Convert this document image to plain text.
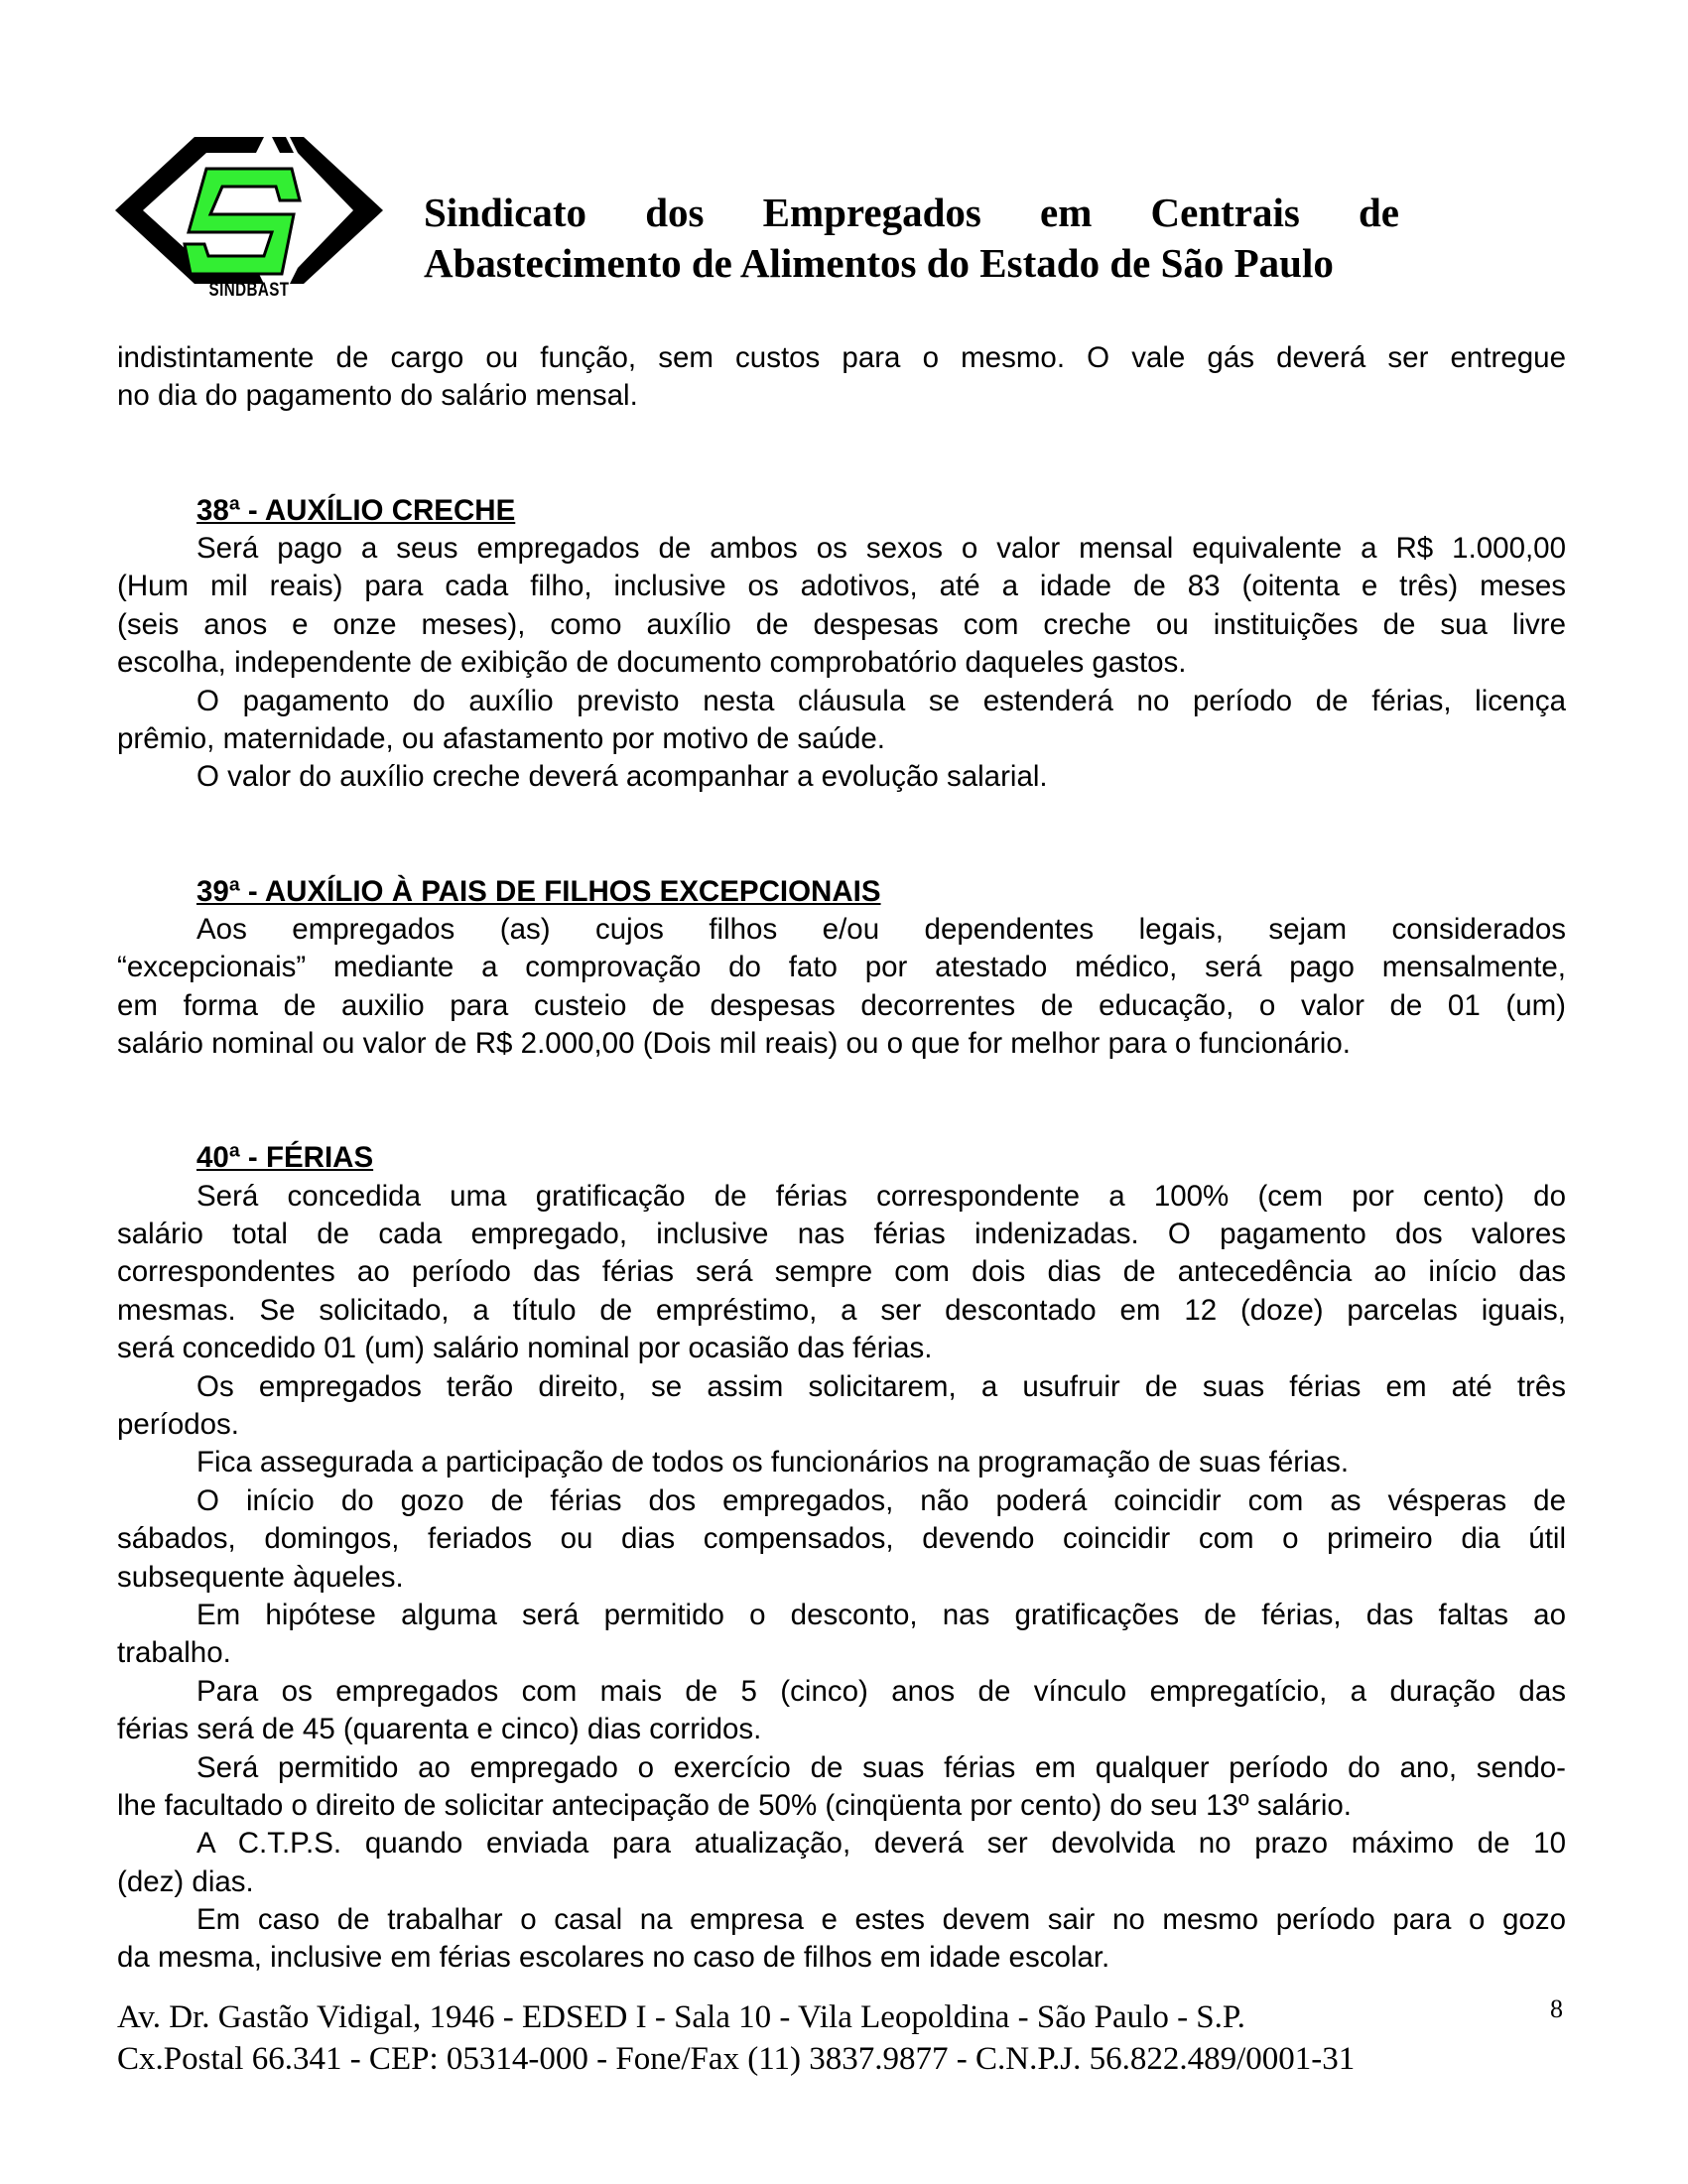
SINDBAST
Sindicato dos Empregados em Centrais de
Abastecimento de Alimentos do Estado de São Paulo
indistintamente de cargo ou função, sem custos para o mesmo. O vale gás deverá ser entregue
no dia do pagamento do salário mensal.
38ª - AUXÍLIO CRECHE
Será pago a seus empregados de ambos os sexos o valor mensal equivalente a R$ 1.000,00
(Hum mil reais) para cada filho, inclusive os adotivos, até a idade de 83 (oitenta e três) meses
(seis anos e onze meses), como auxílio de despesas com creche ou instituições de sua livre
escolha, independente de exibição de documento comprobatório daqueles gastos.
O pagamento do auxílio previsto nesta cláusula se estenderá no período de férias, licença
prêmio, maternidade, ou afastamento por motivo de saúde.
O valor do auxílio creche deverá acompanhar a evolução salarial.
39ª - AUXÍLIO À PAIS DE FILHOS EXCEPCIONAIS
Aos empregados (as) cujos filhos e/ou dependentes legais, sejam considerados
“excepcionais” mediante a comprovação do fato por atestado médico, será pago mensalmente,
em forma de auxilio para custeio de despesas decorrentes de educação, o valor de 01 (um)
salário nominal ou valor de R$ 2.000,00 (Dois mil reais) ou o que for melhor para o funcionário.
40ª - FÉRIAS
Será concedida uma gratificação de férias correspondente a 100% (cem por cento) do
salário total de cada empregado, inclusive nas férias indenizadas. O pagamento dos valores
correspondentes ao período das férias será sempre com dois dias de antecedência ao início das
mesmas. Se solicitado, a título de empréstimo, a ser descontado em 12 (doze) parcelas iguais,
será concedido 01 (um) salário nominal por ocasião das férias.
Os empregados terão direito, se assim solicitarem, a usufruir de suas férias em até três
períodos.
Fica assegurada a participação de todos os funcionários na programação de suas férias.
O início do gozo de férias dos empregados, não poderá coincidir com as vésperas de
sábados, domingos, feriados ou dias compensados, devendo coincidir com o primeiro dia útil
subsequente àqueles.
Em hipótese alguma será permitido o desconto, nas gratificações de férias, das faltas ao
trabalho.
Para os empregados com mais de 5 (cinco) anos de vínculo empregatício, a duração das
férias será de 45 (quarenta e cinco) dias corridos.
Será permitido ao empregado o exercício de suas férias em qualquer período do ano, sendo-
lhe facultado o direito de solicitar antecipação de 50% (cinqüenta por cento) do seu 13º salário.
A C.T.P.S. quando enviada para atualização, deverá ser devolvida no prazo máximo de 10
(dez) dias.
Em caso de trabalhar o casal na empresa e estes devem sair no mesmo período para o gozo
da mesma, inclusive em férias escolares no caso de filhos em idade escolar.
Av. Dr. Gastão Vidigal, 1946 - EDSED I - Sala 10 - Vila Leopoldina - São Paulo - S.P.
Cx.Postal 66.341 - CEP: 05314-000 - Fone/Fax (11) 3837.9877 - C.N.P.J. 56.822.489/0001-31
8
